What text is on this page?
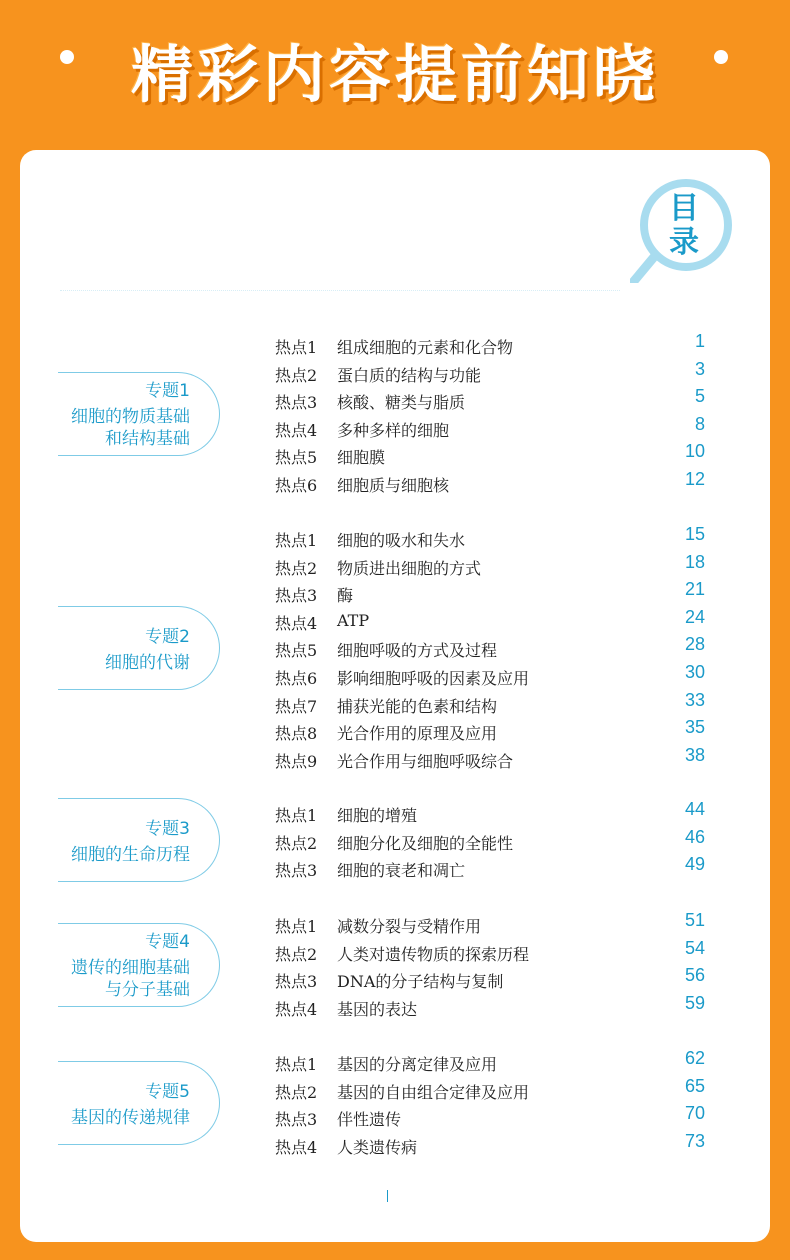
精彩内容提前知晓
目
录
专题1
细胞的物质基础
和结构基础
热点1 组成细胞的元素和化合物	1
热点2 蛋白质的结构与功能	3
热点3 核酸、糖类与脂质	5
热点4 多种多样的细胞	8
热点5 细胞膜	10
热点6 细胞质与细胞核	12
专题2
细胞的代谢
热点1 细胞的吸水和失水	15
热点2 物质进出细胞的方式	18
热点3 酶	21
热点4 ATP	24
热点5 细胞呼吸的方式及过程	28
热点6 影响细胞呼吸的因素及应用	30
热点7 捕获光能的色素和结构	33
热点8 光合作用的原理及应用	35
热点9 光合作用与细胞呼吸综合	38
专题3
细胞的生命历程
热点1 细胞的增殖	44
热点2 细胞分化及细胞的全能性	46
热点3 细胞的衰老和凋亡	49
专题4
遗传的细胞基础
与分子基础
热点1 减数分裂与受精作用	51
热点2 人类对遗传物质的探索历程	54
热点3 DNA的分子结构与复制	56
热点4 基因的表达	59
专题5
基因的传递规律
热点1 基因的分离定律及应用	62
热点2 基因的自由组合定律及应用	65
热点3 伴性遗传	70
热点4 人类遗传病	73
